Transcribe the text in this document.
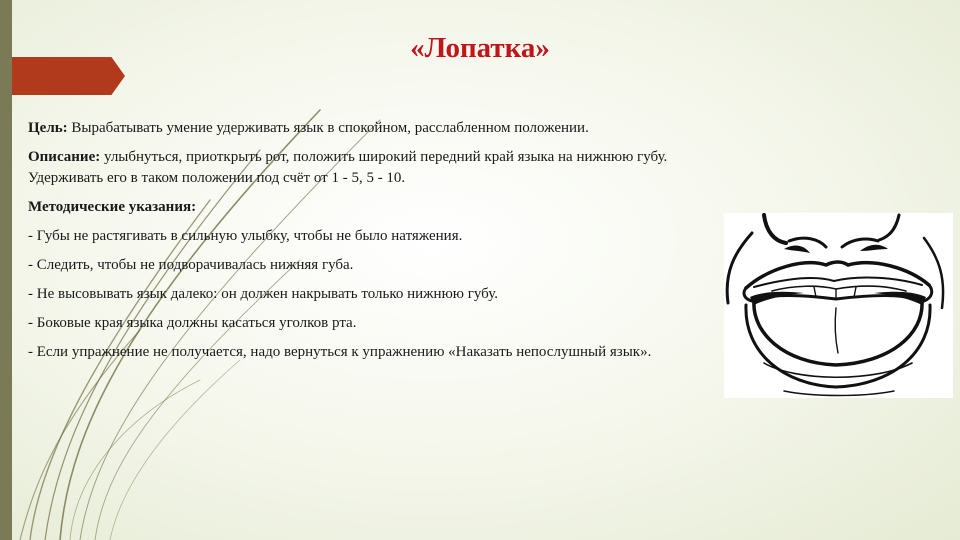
«Лопатка»

Цель: Вырабатывать умение удерживать язык в спокойном, расслабленном положении.

Описание: улыбнуться, приоткрыть рот, положить широкий передний край языка на нижнюю губу. Удерживать его в таком положении под счёт от 1 - 5, 5 - 10.

Методические указания:

- Губы не растягивать в сильную улыбку, чтобы не было натяжения.

- Следить, чтобы не подворачивалась нижняя губа.

- Не высовывать язык далеко: он должен накрывать только нижнюю губу.

- Боковые края языка должны касаться уголков рта.

- Если упражнение не получается, надо вернуться к упражнению «Наказать непослушный язык».
